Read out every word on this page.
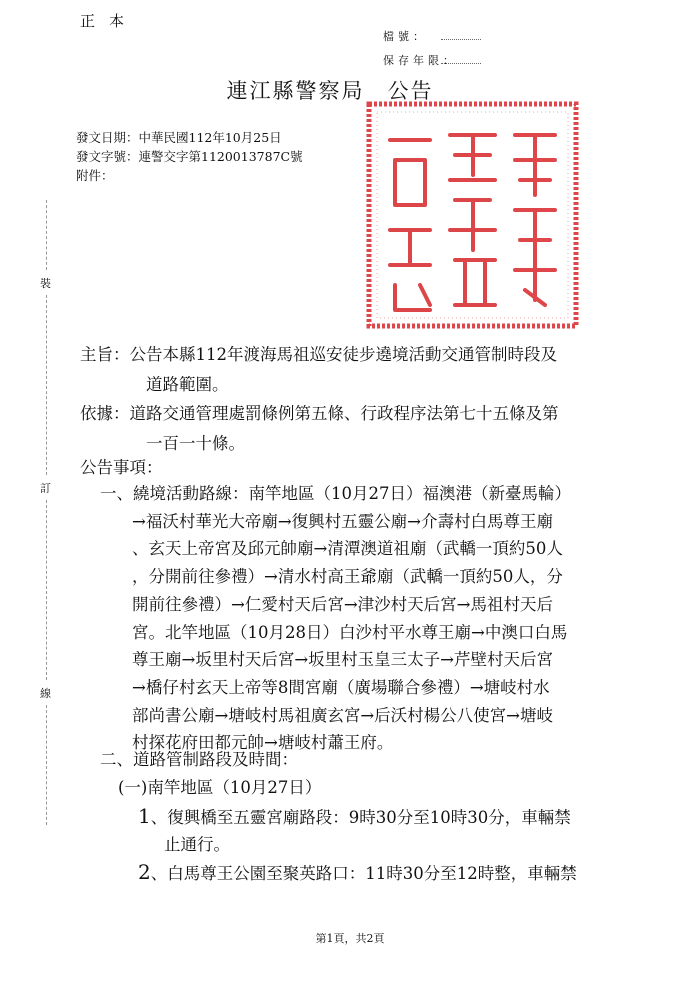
正本
檔號：
保存年限：
連江縣警察局　公告
發文日期：中華民國112年10月25日
發文字號：連警交字第1120013787C號
附件：
裝
訂
線
主旨：公告本縣112年渡海馬祖巡安徒步遶境活動交通管制時段及
道路範圍。
依據：道路交通管理處罰條例第五條、行政程序法第七十五條及第
一百一十條。
公告事項：
一、繞境活動路線：南竿地區（10月27日）福澳港（新臺馬輪）
→福沃村華光大帝廟→復興村五靈公廟→介壽村白馬尊王廟
、玄天上帝宮及邱元帥廟→清潭澳道祖廟（武轎一頂約50人
，分開前往參禮）→清水村高王爺廟（武轎一頂約50人，分
開前往參禮）→仁愛村天后宮→津沙村天后宮→馬祖村天后
宮。北竿地區（10月28日）白沙村平水尊王廟→中澳口白馬
尊王廟→坂里村天后宮→坂里村玉皇三太子→芹壁村天后宮
→橋仔村玄天上帝等8間宮廟（廣場聯合參禮）→塘岐村水
部尚書公廟→塘岐村馬祖廣玄宮→后沃村楊公八使宮→塘岐
村探花府田都元帥→塘岐村蕭王府。
二、道路管制路段及時間：
(一)南竿地區（10月27日）
1、復興橋至五靈宮廟路段：9時30分至10時30分，車輛禁
止通行。
2、白馬尊王公園至聚英路口：11時30分至12時整，車輛禁
第1頁，共2頁
